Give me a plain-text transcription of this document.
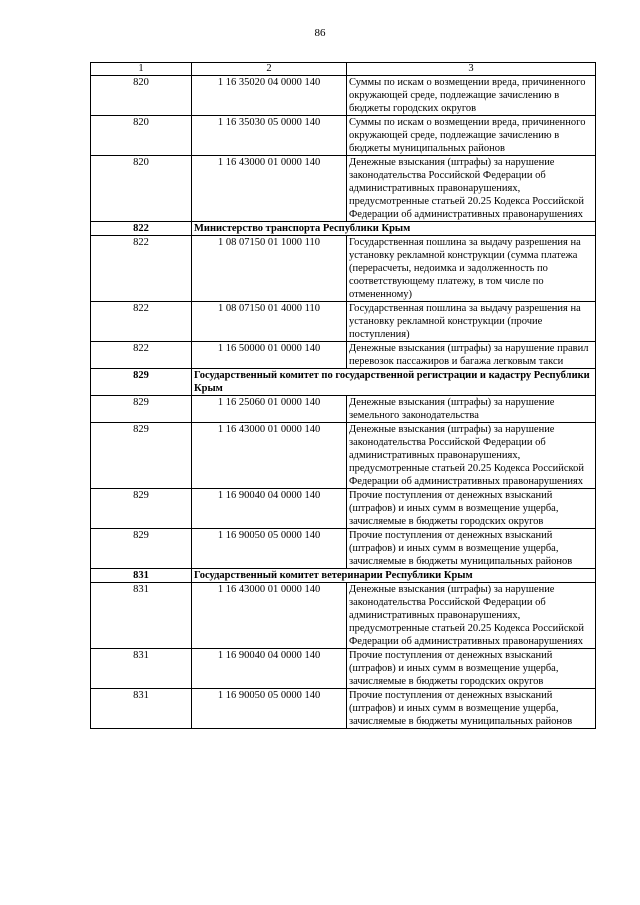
86
1	2	3
820	1 16 35020 04 0000 140	Суммы по искам о возмещении вреда, причиненного окружающей среде, подлежащие зачислению в бюджеты городских округов
820	1 16 35030 05 0000 140	Суммы по искам о возмещении вреда, причиненного окружающей среде, подлежащие зачислению в бюджеты муниципальных районов
820	1 16 43000 01 0000 140	Денежные взыскания (штрафы) за нарушение законодательства Российской Федерации об административных правонарушениях, предусмотренные статьей 20.25 Кодекса Российской Федерации об административных правонарушениях
822	Министерство транспорта Республики Крым	
822	1 08 07150 01 1000 110	Государственная пошлина за выдачу разрешения на установку рекламной конструкции (сумма платежа (перерасчеты, недоимка и задолженность по соответствующему платежу, в том числе по отмененному)
822	1 08 07150 01 4000 110	Государственная пошлина за выдачу разрешения на установку рекламной конструкции (прочие поступления)
822	1 16 50000 01 0000 140	Денежные взыскания (штрафы) за нарушение правил перевозок пассажиров и багажа легковым такси
829	Государственный комитет по государственной регистрации и кадастру Республики Крым	
829	1 16 25060 01 0000 140	Денежные взыскания (штрафы) за нарушение земельного законодательства
829	1 16 43000 01 0000 140	Денежные взыскания (штрафы) за нарушение законодательства Российской Федерации об административных правонарушениях, предусмотренные статьей 20.25 Кодекса Российской Федерации об административных правонарушениях
829	1 16 90040 04 0000 140	Прочие поступления от денежных взысканий (штрафов) и иных сумм в возмещение ущерба, зачисляемые в бюджеты городских округов
829	1 16 90050 05 0000 140	Прочие поступления от денежных взысканий (штрафов) и иных сумм в возмещение ущерба, зачисляемые в бюджеты муниципальных районов
831	Государственный комитет ветеринарии Республики Крым	
831	1 16 43000 01 0000 140	Денежные взыскания (штрафы) за нарушение законодательства Российской Федерации об административных правонарушениях, предусмотренные статьей 20.25 Кодекса Российской Федерации об административных правонарушениях
831	1 16 90040 04 0000 140	Прочие поступления от денежных взысканий (штрафов) и иных сумм в возмещение ущерба, зачисляемые в бюджеты городских округов
831	1 16 90050 05 0000 140	Прочие поступления от денежных взысканий (штрафов) и иных сумм в возмещение ущерба, зачисляемые в бюджеты муниципальных районов
